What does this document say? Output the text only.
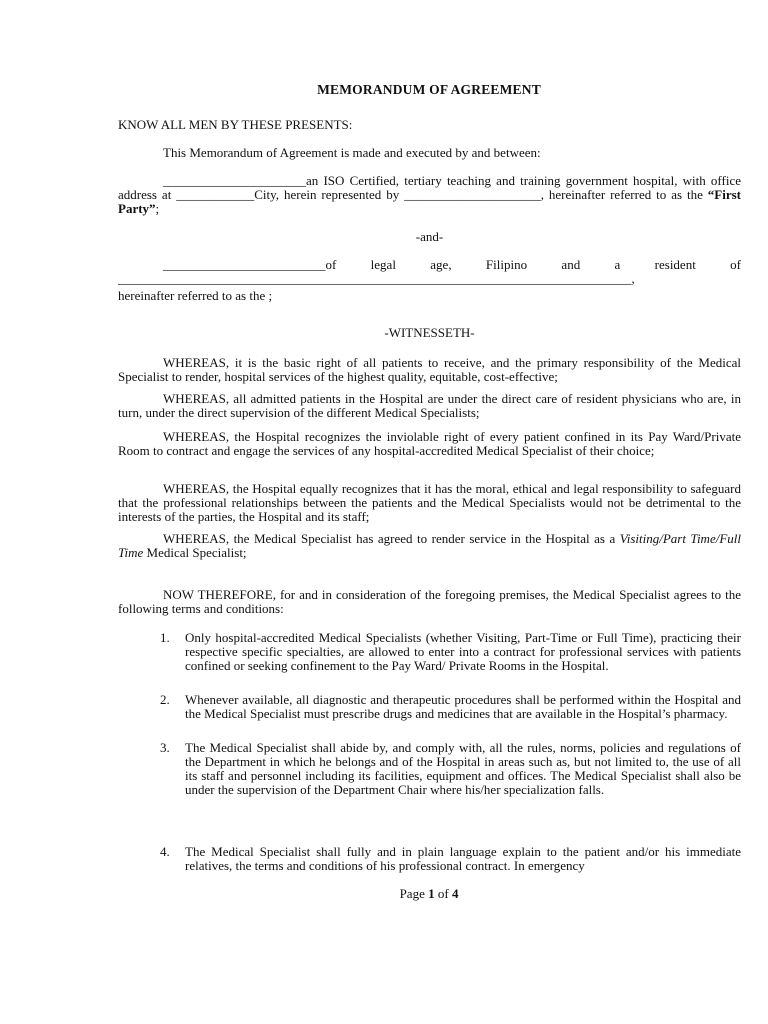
MEMORANDUM OF AGREEMENT
KNOW ALL MEN BY THESE PRESENTS:
This Memorandum of Agreement is made and executed by and between:
______________________an ISO Certified, tertiary teaching and training government hospital, with office address at ____________City, herein represented by _____________________, hereinafter referred to as the “First Party”;
-and-
_________________________of legal age, Filipino and a resident of
_______________________________________________________________________________,
hereinafter referred to as the ;
-WITNESSETH-
WHEREAS, it is the basic right of all patients to receive, and the primary responsibility of the Medical Specialist to render, hospital services of the highest quality, equitable, cost-effective;
WHEREAS, all admitted patients in the Hospital are under the direct care of resident physicians who are, in turn, under the direct supervision of the different Medical Specialists;
WHEREAS, the Hospital recognizes the inviolable right of every patient confined in its Pay Ward/Private Room to contract and engage the services of any hospital-accredited Medical Specialist of their choice;
WHEREAS, the Hospital equally recognizes that it has the moral, ethical and legal responsibility to safeguard that the professional relationships between the patients and the Medical Specialists would not be detrimental to the interests of the parties, the Hospital and its staff;
WHEREAS, the Medical Specialist has agreed to render service in the Hospital as a Visiting/Part Time/Full Time Medical Specialist;
NOW THEREFORE, for and in consideration of the foregoing premises, the Medical Specialist agrees to the following terms and conditions:
1. Only hospital-accredited Medical Specialists (whether Visiting, Part-Time or Full Time), practicing their respective specific specialties, are allowed to enter into a contract for professional services with patients confined or seeking confinement to the Pay Ward/ Private Rooms in the Hospital.
2. Whenever available, all diagnostic and therapeutic procedures shall be performed within the Hospital and the Medical Specialist must prescribe drugs and medicines that are available in the Hospital’s pharmacy.
3. The Medical Specialist shall abide by, and comply with, all the rules, norms, policies and regulations of the Department in which he belongs and of the Hospital in areas such as, but not limited to, the use of all its staff and personnel including its facilities, equipment and offices. The Medical Specialist shall also be under the supervision of the Department Chair where his/her specialization falls.
4. The Medical Specialist shall fully and in plain language explain to the patient and/or his immediate relatives, the terms and conditions of his professional contract. In emergency
Page 1 of 4
